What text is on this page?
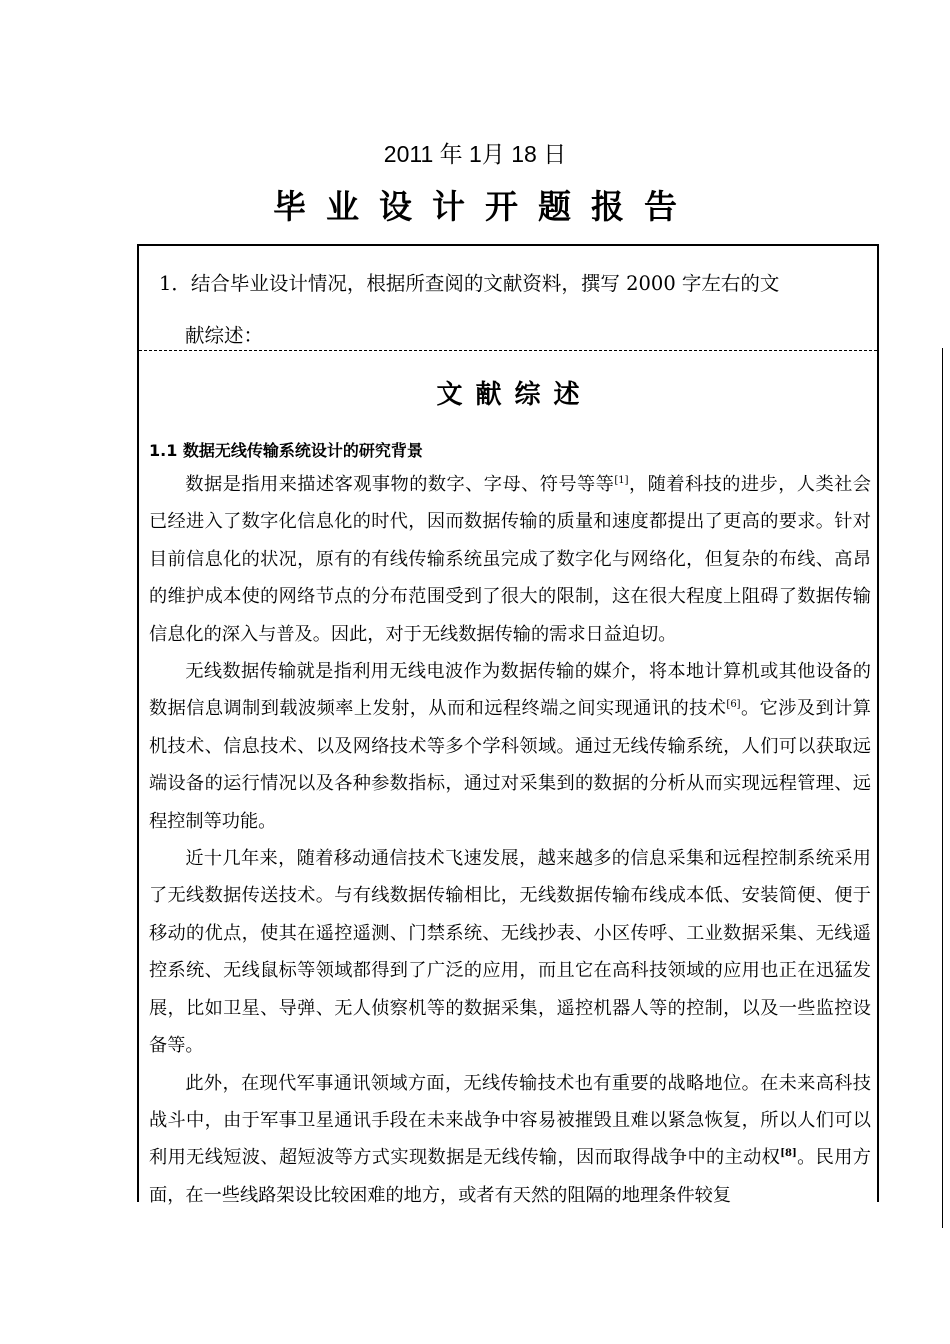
2011 年 1月 18 日
毕业设计开题报告
1．结合毕业设计情况，根据所查阅的文献资料，撰写 2000 字左右的文
献综述：
文献综述
1.1 数据无线传输系统设计的研究背景

数据是指用来描述客观事物的数字、字母、符号等等[1]，随着科技的进步，人类社会已经进入了数字化信息化的时代，因而数据传输的质量和速度都提出了更高的要求。针对目前信息化的状况，原有的有线传输系统虽完成了数字化与网络化，但复杂的布线、高昂的维护成本使的网络节点的分布范围受到了很大的限制，这在很大程度上阻碍了数据传输信息化的深入与普及。因此，对于无线数据传输的需求日益迫切。

无线数据传输就是指利用无线电波作为数据传输的媒介，将本地计算机或其他设备的数据信息调制到载波频率上发射，从而和远程终端之间实现通讯的技术[6]。它涉及到计算机技术、信息技术、以及网络技术等多个学科领域。通过无线传输系统，人们可以获取远端设备的运行情况以及各种参数指标，通过对采集到的数据的分析从而实现远程管理、远程控制等功能。

近十几年来，随着移动通信技术飞速发展，越来越多的信息采集和远程控制系统采用了无线数据传送技术。与有线数据传输相比，无线数据传输布线成本低、安装简便、便于移动的优点，使其在遥控遥测、门禁系统、无线抄表、小区传呼、工业数据采集、无线遥控系统、无线鼠标等领域都得到了广泛的应用，而且它在高科技领域的应用也正在迅猛发展，比如卫星、导弹、无人侦察机等的数据采集，遥控机器人等的控制，以及一些监控设备等。

此外，在现代军事通讯领域方面，无线传输技术也有重要的战略地位。在未来高科技战斗中，由于军事卫星通讯手段在未来战争中容易被摧毁且难以紧急恢复，所以人们可以利用无线短波、超短波等方式实现数据是无线传输，因而取得战争中的主动权[8]。民用方面，在一些线路架设比较困难的地方，或者有天然的阻隔的地理条件较复
